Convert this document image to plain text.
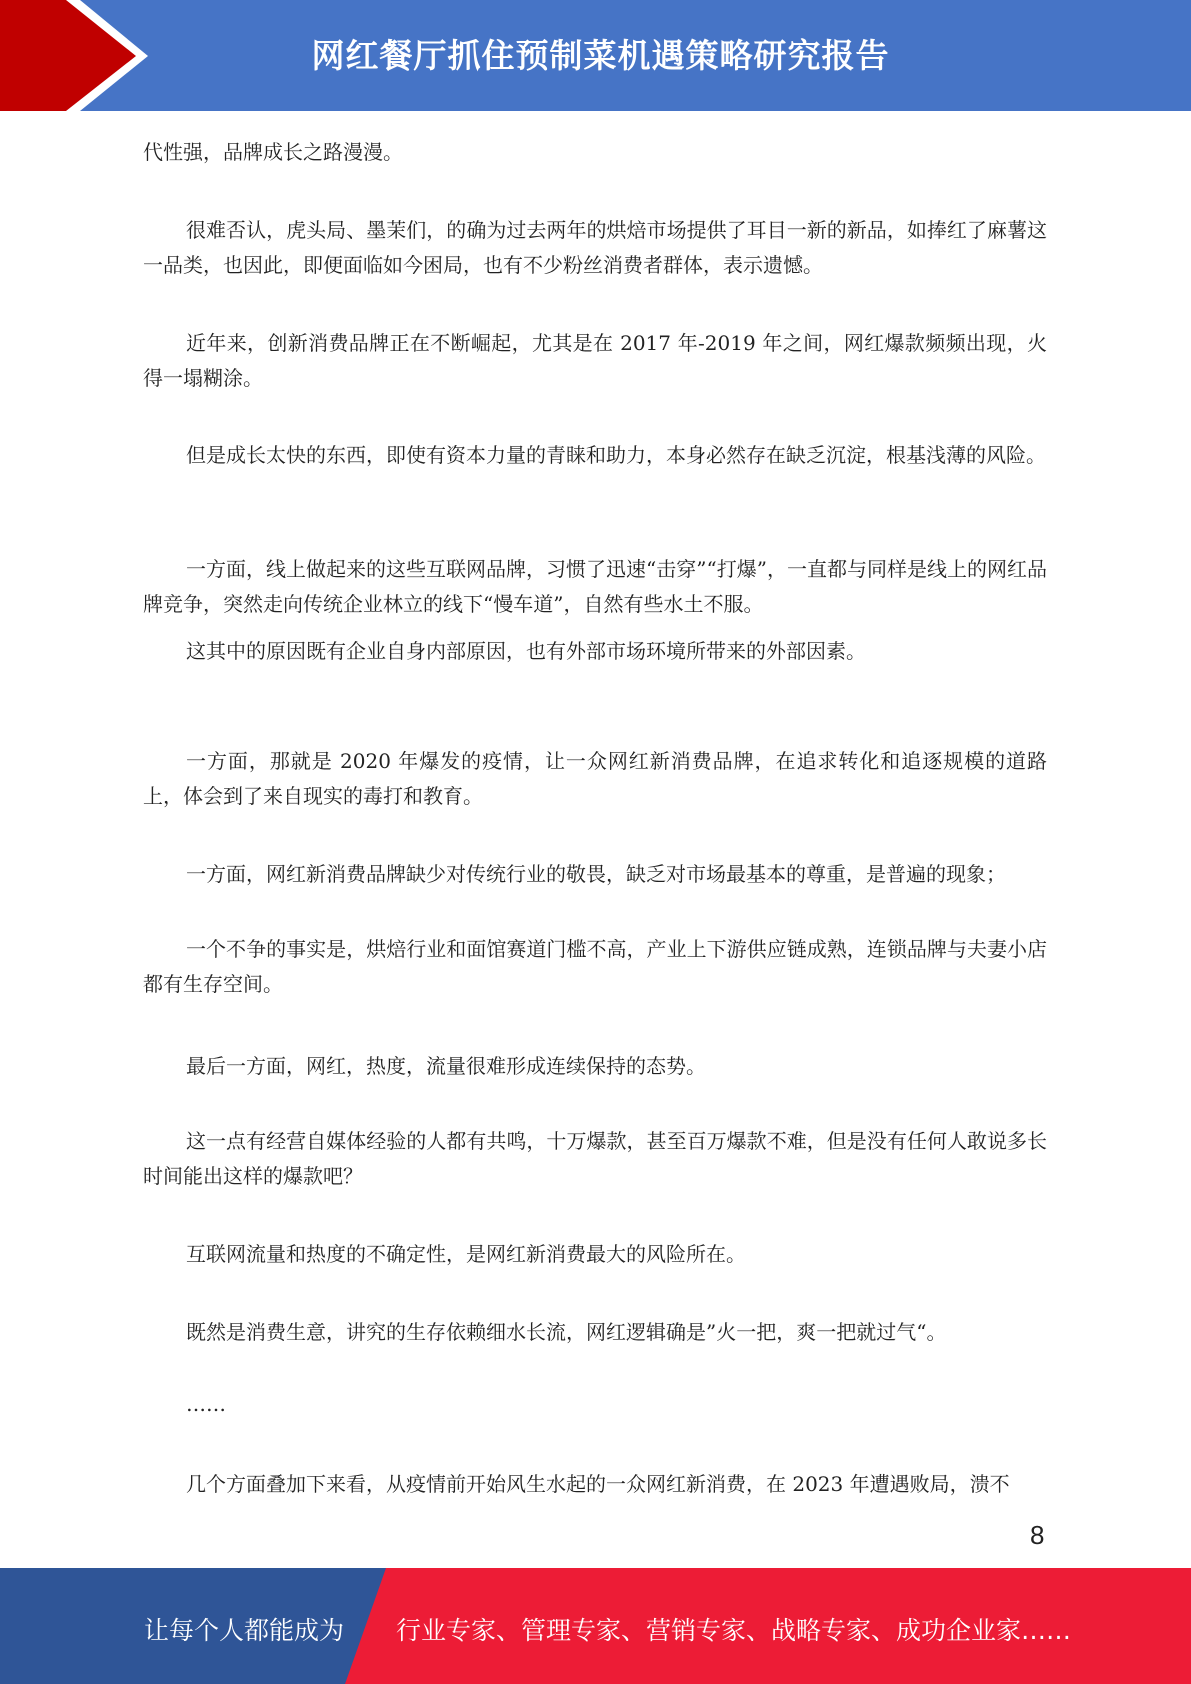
网红餐厅抓住预制菜机遇策略研究报告
代性强，品牌成长之路漫漫。
很难否认，虎头局、墨茉们，的确为过去两年的烘焙市场提供了耳目一新的新品，如捧红了麻薯这一品类，也因此，即便面临如今困局，也有不少粉丝消费者群体，表示遗憾。
近年来，创新消费品牌正在不断崛起，尤其是在 2017 年-2019 年之间，网红爆款频频出现，火得一塌糊涂。
但是成长太快的东西，即使有资本力量的青睐和助力，本身必然存在缺乏沉淀，根基浅薄的风险。
一方面，线上做起来的这些互联网品牌，习惯了迅速“击穿”“打爆”，一直都与同样是线上的网红品牌竞争，突然走向传统企业林立的线下“慢车道”，自然有些水土不服。
这其中的原因既有企业自身内部原因，也有外部市场环境所带来的外部因素。
一方面，那就是 2020 年爆发的疫情，让一众网红新消费品牌，在追求转化和追逐规模的道路上，体会到了来自现实的毒打和教育。
一方面，网红新消费品牌缺少对传统行业的敬畏，缺乏对市场最基本的尊重，是普遍的现象；
一个不争的事实是，烘焙行业和面馆赛道门槛不高，产业上下游供应链成熟，连锁品牌与夫妻小店都有生存空间。
最后一方面，网红，热度，流量很难形成连续保持的态势。
这一点有经营自媒体经验的人都有共鸣，十万爆款，甚至百万爆款不难，但是没有任何人敢说多长时间能出这样的爆款吧？
互联网流量和热度的不确定性，是网红新消费最大的风险所在。
既然是消费生意，讲究的生存依赖细水长流，网红逻辑确是”火一把，爽一把就过气“。
……
几个方面叠加下来看，从疫情前开始风生水起的一众网红新消费，在 2023 年遭遇败局，溃不
8
让每个人都能成为 行业专家、管理专家、营销专家、战略专家、成功企业家……
